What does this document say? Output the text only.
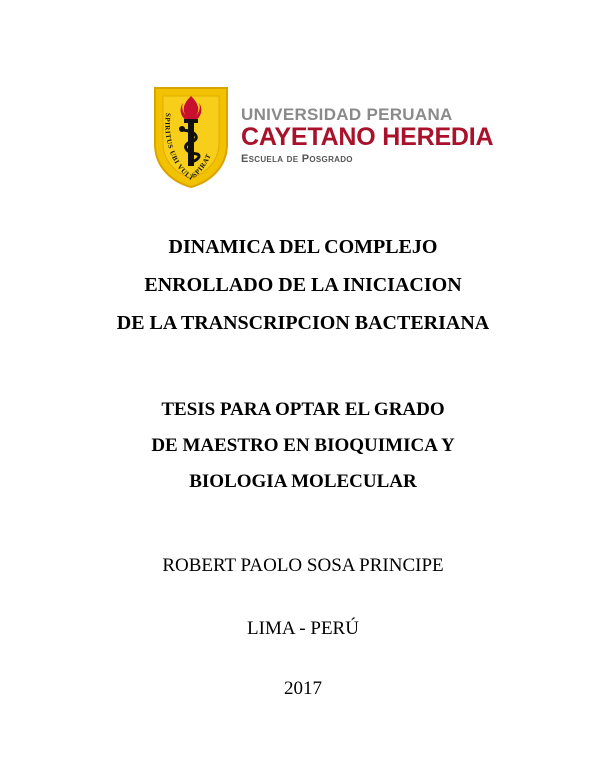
SPIRITUS UBI VULT SPIRAT
UNIVERSIDAD PERUANA
CAYETANO HEREDIA
Escuela de Posgrado
DINAMICA DEL COMPLEJO
ENROLLADO DE LA INICIACION
DE LA TRANSCRIPCION BACTERIANA
TESIS PARA OPTAR EL GRADO
DE MAESTRO EN BIOQUIMICA Y
BIOLOGIA MOLECULAR
ROBERT PAOLO SOSA PRINCIPE
LIMA - PERÚ
2017
